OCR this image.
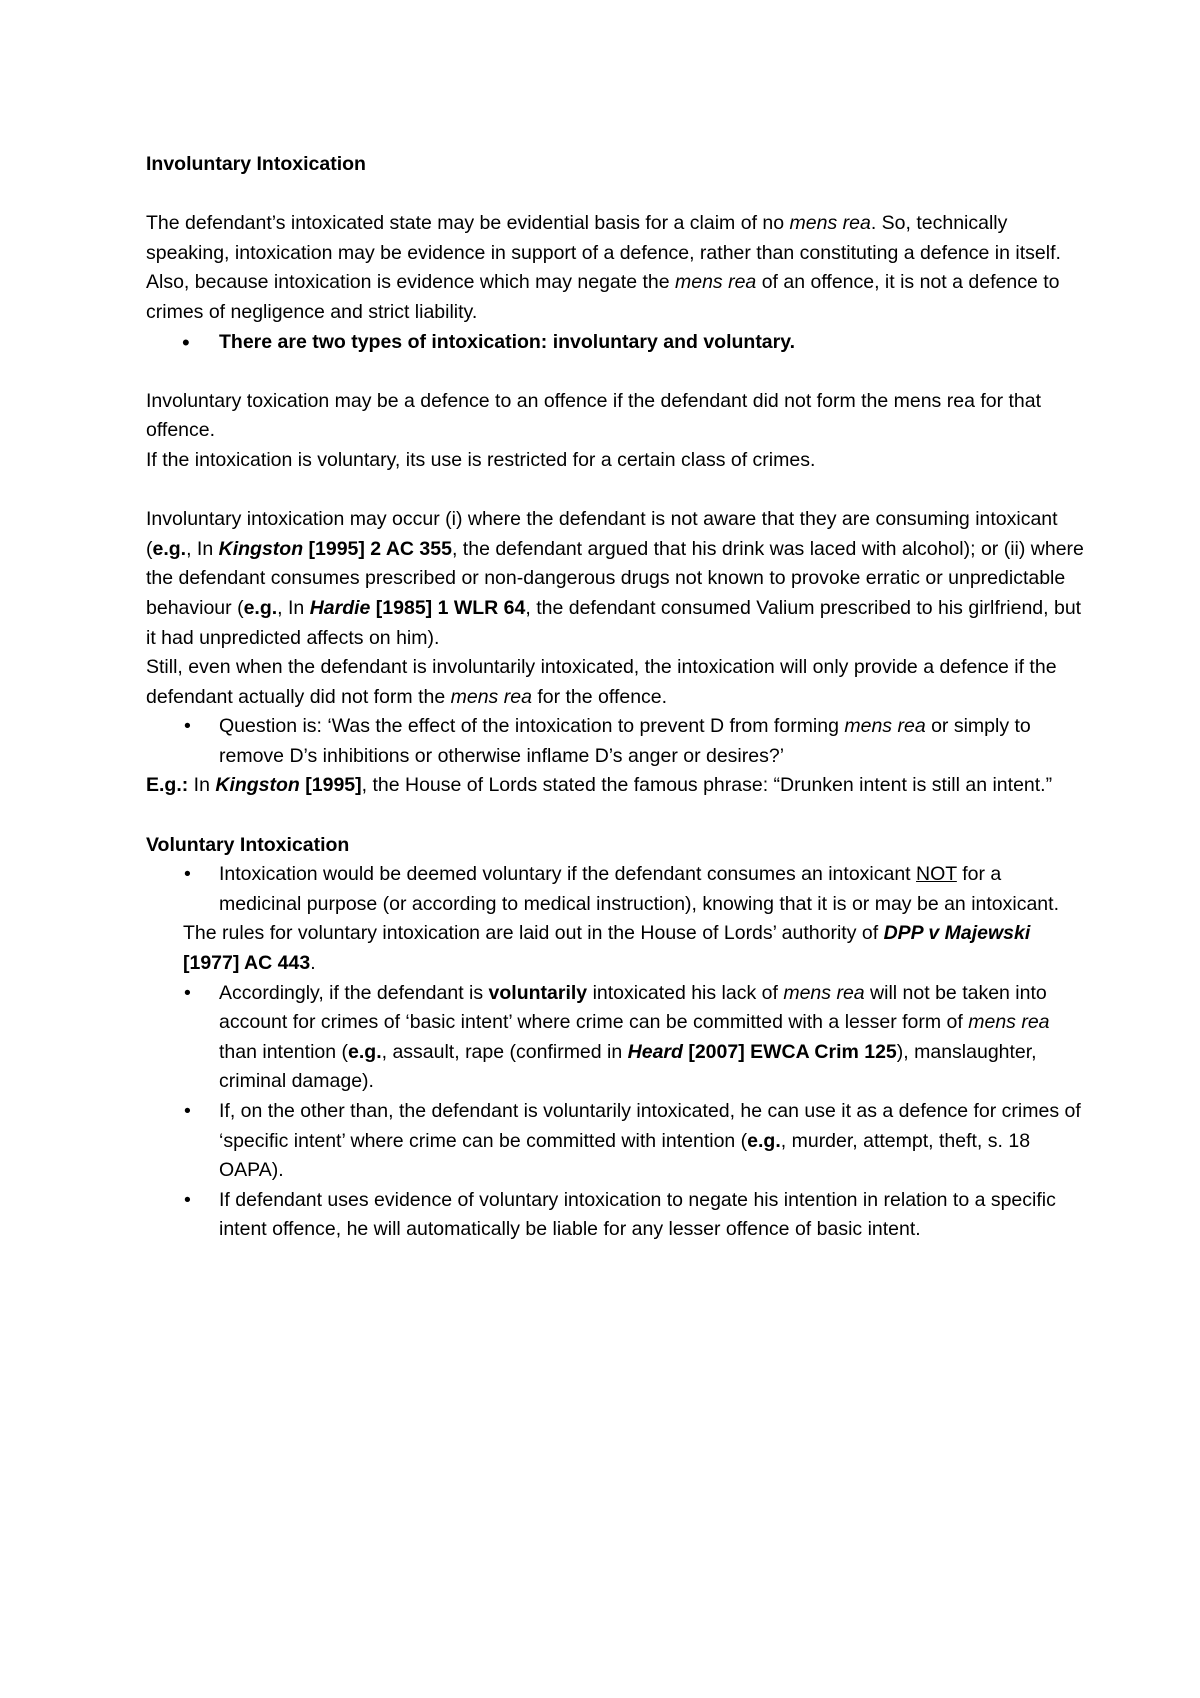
Involuntary Intoxication

The defendant’s intoxicated state may be evidential basis for a claim of no mens rea. So, technically speaking, intoxication may be evidence in support of a defence, rather than constituting a defence in itself. Also, because intoxication is evidence which may negate the mens rea of an offence, it is not a defence to crimes of negligence and strict liability.

• There are two types of intoxication: involuntary and voluntary.

Involuntary toxication may be a defence to an offence if the defendant did not form the mens rea for that offence.

If the intoxication is voluntary, its use is restricted for a certain class of crimes.

Involuntary intoxication may occur (i) where the defendant is not aware that they are consuming intoxicant (e.g., In Kingston [1995] 2 AC 355, the defendant argued that his drink was laced with alcohol); or (ii) where the defendant consumes prescribed or non-dangerous drugs not known to provoke erratic or unpredictable behaviour (e.g., In Hardie [1985] 1 WLR 64, the defendant consumed Valium prescribed to his girlfriend, but it had unpredicted affects on him).

Still, even when the defendant is involuntarily intoxicated, the intoxication will only provide a defence if the defendant actually did not form the mens rea for the offence.

• Question is: ‘Was the effect of the intoxication to prevent D from forming mens rea or simply to remove D’s inhibitions or otherwise inflame D’s anger or desires?’

E.g.: In Kingston [1995], the House of Lords stated the famous phrase: “Drunken intent is still an intent.”

Voluntary Intoxication

• Intoxication would be deemed voluntary if the defendant consumes an intoxicant NOT for a medicinal purpose (or according to medical instruction), knowing that it is or may be an intoxicant.

The rules for voluntary intoxication are laid out in the House of Lords’ authority of DPP v Majewski [1977] AC 443.

• Accordingly, if the defendant is voluntarily intoxicated his lack of mens rea will not be taken into account for crimes of ‘basic intent’ where crime can be committed with a lesser form of mens rea than intention (e.g., assault, rape (confirmed in Heard [2007] EWCA Crim 125), manslaughter, criminal damage).
• If, on the other than, the defendant is voluntarily intoxicated, he can use it as a defence for crimes of ‘specific intent’ where crime can be committed with intention (e.g., murder, attempt, theft, s. 18 OAPA).
• If defendant uses evidence of voluntary intoxication to negate his intention in relation to a specific intent offence, he will automatically be liable for any lesser offence of basic intent.
